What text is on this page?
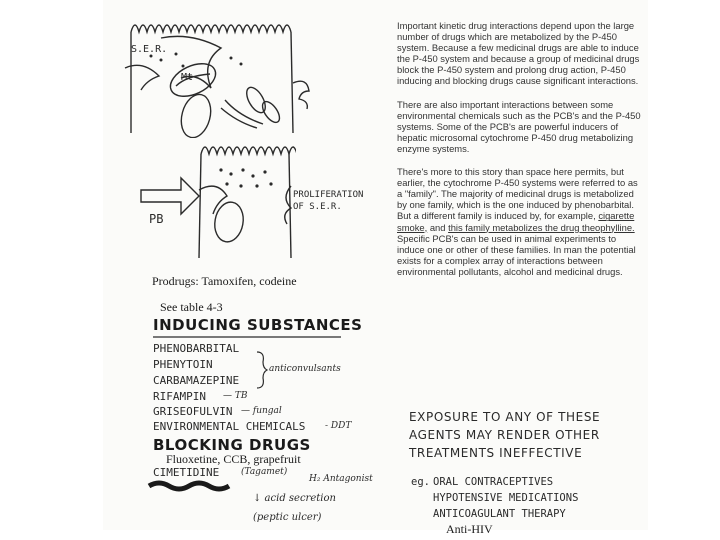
S.E.R.
Mt
PB
PROLIFERATION
OF S.E.R.
Prodrugs: Tamoxifen, codeine
See table 4-3
INDUCING SUBSTANCES
PHENOBARBITAL
PHENYTOIN
CARBAMAZEPINE
RIFAMPIN
GRISEOFULVIN
ENVIRONMENTAL CHEMICALS
anticonvulsants
— TB
— fungal
- DDT
BLOCKING DRUGS
Fluoxetine, CCB, grapefruit
CIMETIDINE (Tagamet)
H₂ Antagonist
↓ acid secretion
(peptic ulcer)

Important kinetic drug interactions depend upon the large number of drugs which are metabolized by the P-450 system. Because a few medicinal drugs are able to induce the P-450 system and because a group of medicinal drugs block the P-450 system and prolong drug action, P-450 inducing and blocking drugs cause significant interactions.

There are also important interactions between some environmental chemicals such as the PCB's and the P-450 systems. Some of the PCB's are powerful inducers of hepatic microsomal cytochrome P-450 drug metabolizing enzyme systems.

There's more to this story than space here permits, but earlier, the cytochrome P-450 systems were referred to as a "family". The majority of medicinal drugs is metabolized by one family, which is the one induced by phenobarbital. But a different family is induced by, for example, cigarette smoke, and this family metabolizes the drug theophylline. Specific PCB's can be used in animal experiments to induce one or other of these families. In man the potential exists for a complex array of interactions between environmental pollutants, alcohol and medicinal drugs.

EXPOSURE TO ANY OF THESE
AGENTS MAY RENDER OTHER
TREATMENTS INEFFECTIVE
eg. ORAL CONTRACEPTIVES
HYPOTENSIVE MEDICATIONS
ANTICOAGULANT THERAPY
Anti-HIV
